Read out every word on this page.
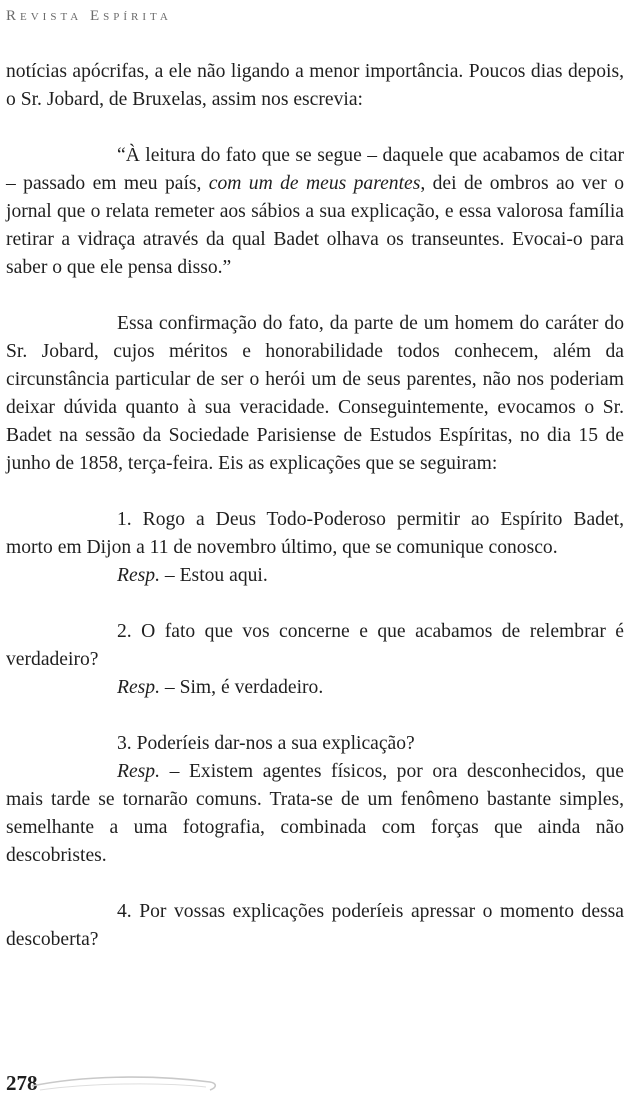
Revista Espírita

notícias apócrifas, a ele não ligando a menor importância. Poucos dias depois, o Sr. Jobard, de Bruxelas, assim nos escrevia:

“À leitura do fato que se segue – daquele que acabamos de citar – passado em meu país, com um de meus parentes, dei de ombros ao ver o jornal que o relata remeter aos sábios a sua explicação, e essa valorosa família retirar a vidraça através da qual Badet olhava os transeuntes. Evocai-o para saber o que ele pensa disso.”

Essa confirmação do fato, da parte de um homem do caráter do Sr. Jobard, cujos méritos e honorabilidade todos conhecem, além da circunstância particular de ser o herói um de seus parentes, não nos poderiam deixar dúvida quanto à sua veracidade. Conseguintemente, evocamos o Sr. Badet na sessão da Sociedade Parisiense de Estudos Espíritas, no dia 15 de junho de 1858, terça-feira. Eis as explicações que se seguiram:

1. Rogo a Deus Todo-Poderoso permitir ao Espírito Badet, morto em Dijon a 11 de novembro último, que se comunique conosco.

Resp. – Estou aqui.

2. O fato que vos concerne e que acabamos de relembrar é verdadeiro?

Resp. – Sim, é verdadeiro.

3. Poderíeis dar-nos a sua explicação?

Resp. – Existem agentes físicos, por ora desconhecidos, que mais tarde se tornarão comuns. Trata-se de um fenômeno bastante simples, semelhante a uma fotografia, combinada com forças que ainda não descobristes.

4. Por vossas explicações poderíeis apressar o momento dessa descoberta?

278
